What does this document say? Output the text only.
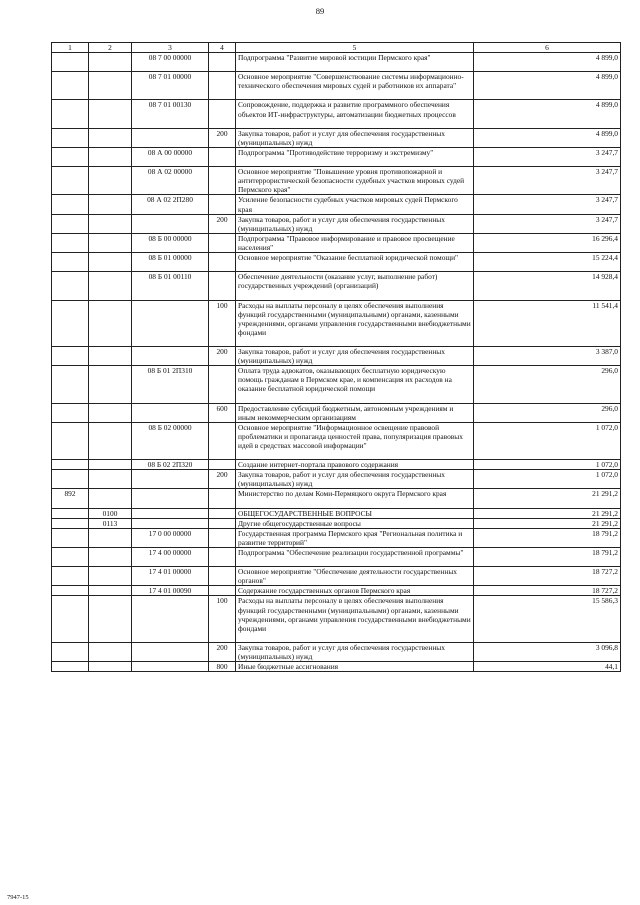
89
1	2	3	4	5	6
		08 7 00 00000		Подпрограмма "Развитие мировой юстиции Пермского края"	4 899,0
		08 7 01 00000		Основное мероприятие "Совершенствование системы информационно-технического обеспечения мировых судей и работников их аппарата"	4 899,0
		08 7 01 00130		Сопровождение, поддержка и развитие программного обеспечения объектов ИТ-инфраструктуры, автоматизации бюджетных процессов	4 899,0
			200	Закупка товаров, работ и услуг для обеспечения государственных (муниципальных) нужд	4 899,0
		08 А 00 00000		Подпрограмма "Противодействие терроризму и экстремизму"	3 247,7
		08 А 02 00000		Основное мероприятие "Повышение уровня противопожарной и антитеррористической безопасности судебных участков мировых судей Пермского края"	3 247,7
		08 А 02 2П280		Усиление безопасности судебных участков мировых судей Пермского края	3 247,7
			200	Закупка товаров, работ и услуг для обеспечения государственных (муниципальных) нужд	3 247,7
		08 Б 00 00000		Подпрограмма "Правовое информирование и правовое просвещение населения"	16 296,4
		08 Б 01 00000		Основное мероприятие "Оказание бесплатной юридической помощи"	15 224,4
		08 Б 01 00110		Обеспечение деятельности (оказание услуг, выполнение работ) государственных учреждений (организаций)	14 928,4
			100	Расходы на выплаты персоналу в целях обеспечения выполнения функций государственными (муниципальными) органами, казенными учреждениями, органами управления государственными внебюджетными фондами	11 541,4
			200	Закупка товаров, работ и услуг для обеспечения государственных (муниципальных) нужд	3 387,0
		08 Б 01 2П310		Оплата труда адвокатов, оказывающих бесплатную юридическую помощь гражданам в Пермском крае, и компенсация их расходов на оказание бесплатной юридической помощи	296,0
			600	Предоставление субсидий бюджетным, автономным учреждениям и иным некоммерческим организациям	296,0
		08 Б 02 00000		Основное мероприятие "Информационное освещение правовой проблематики и пропаганда ценностей права, популяризация правовых идей в средствах массовой информации"	1 072,0
		08 Б 02 2П320		Создание интернет-портала правового содержания	1 072,0
			200	Закупка товаров, работ и услуг для обеспечения государственных (муниципальных) нужд	1 072,0
892				Министерство по делам Коми-Пермяцкого округа Пермского края	21 291,2
	0100			ОБЩЕГОСУДАРСТВЕННЫЕ ВОПРОСЫ	21 291,2
	0113			Другие общегосударственные вопросы	21 291,2
		17 0 00 00000		Государственная программа Пермского края "Региональная политика и развитие территорий"	18 791,2
		17 4 00 00000		Подпрограмма "Обеспечение реализации государственной программы"	18 791,2
		17 4 01 00000		Основное мероприятие "Обеспечение деятельности государственных органов"	18 727,2
		17 4 01 00090		Содержание государственных органов Пермского края	18 727,2
			100	Расходы на выплаты персоналу в целях обеспечения выполнения функций государственными (муниципальными) органами, казенными учреждениями, органами управления государственными внебюджетными фондами	15 586,3
			200	Закупка товаров, работ и услуг для обеспечения государственных (муниципальных) нужд	3 096,8
			800	Иные бюджетные ассигнования	44,1
7947-15
